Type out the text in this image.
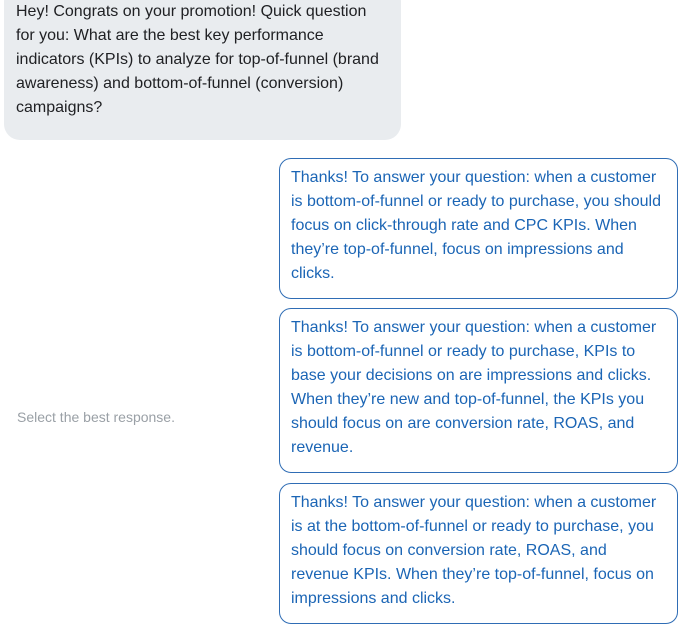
Hey! Congrats on your promotion! Quick question for you: What are the best key performance indicators (KPIs) to analyze for top-of-funnel (brand awareness) and bottom-of-funnel (conversion) campaigns?
Select the best response.
Thanks! To answer your question: when a customer is bottom-of-funnel or ready to purchase, you should focus on click-through rate and CPC KPIs. When they’re top-of-funnel, focus on impressions and clicks.
Thanks! To answer your question: when a customer is bottom-of-funnel or ready to purchase, KPIs to base your decisions on are impressions and clicks. When they’re new and top-of-funnel, the KPIs you should focus on are conversion rate, ROAS, and revenue.
Thanks! To answer your question: when a customer is at the bottom-of-funnel or ready to purchase, you should focus on conversion rate, ROAS, and revenue KPIs. When they’re top-of-funnel, focus on impressions and clicks.
